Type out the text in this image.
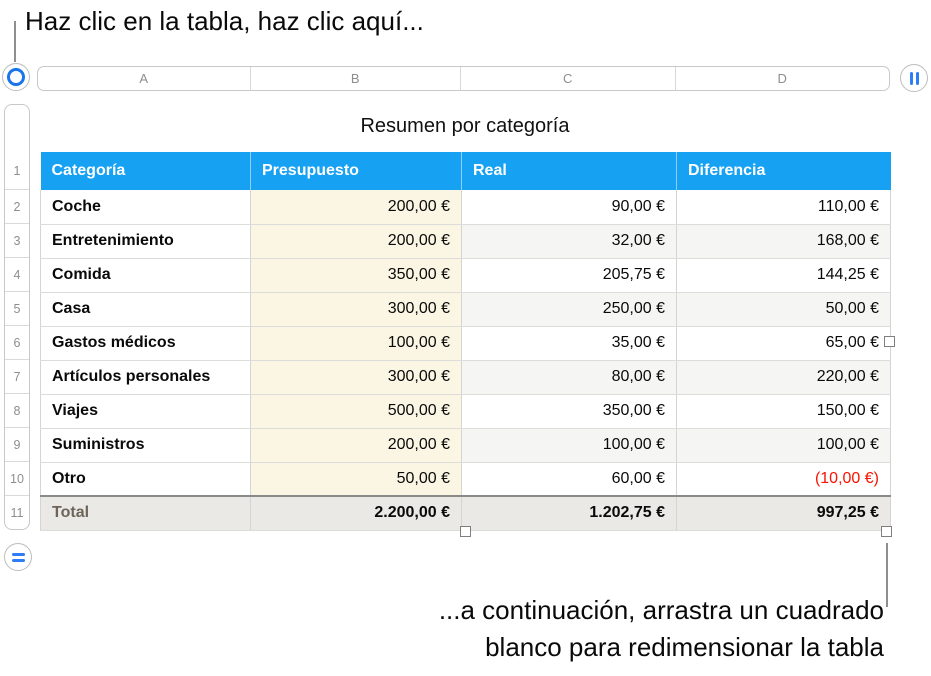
Haz clic en la tabla, haz clic aquí...
A	B	C	D
1
2
3
4
5
6
7
8
9
10
11
Resumen por categoría
Categoría	Presupuesto	Real	Diferencia
Coche	200,00 €	90,00 €	110,00 €
Entretenimiento	200,00 €	32,00 €	168,00 €
Comida	350,00 €	205,75 €	144,25 €
Casa	300,00 €	250,00 €	50,00 €
Gastos médicos	100,00 €	35,00 €	65,00 €
Artículos personales	300,00 €	80,00 €	220,00 €
Viajes	500,00 €	350,00 €	150,00 €
Suministros	200,00 €	100,00 €	100,00 €
Otro	50,00 €	60,00 €	(10,00 €)
Total	2.200,00 €	1.202,75 €	997,25 €
...a continuación, arrastra un cuadrado
blanco para redimensionar la tabla
